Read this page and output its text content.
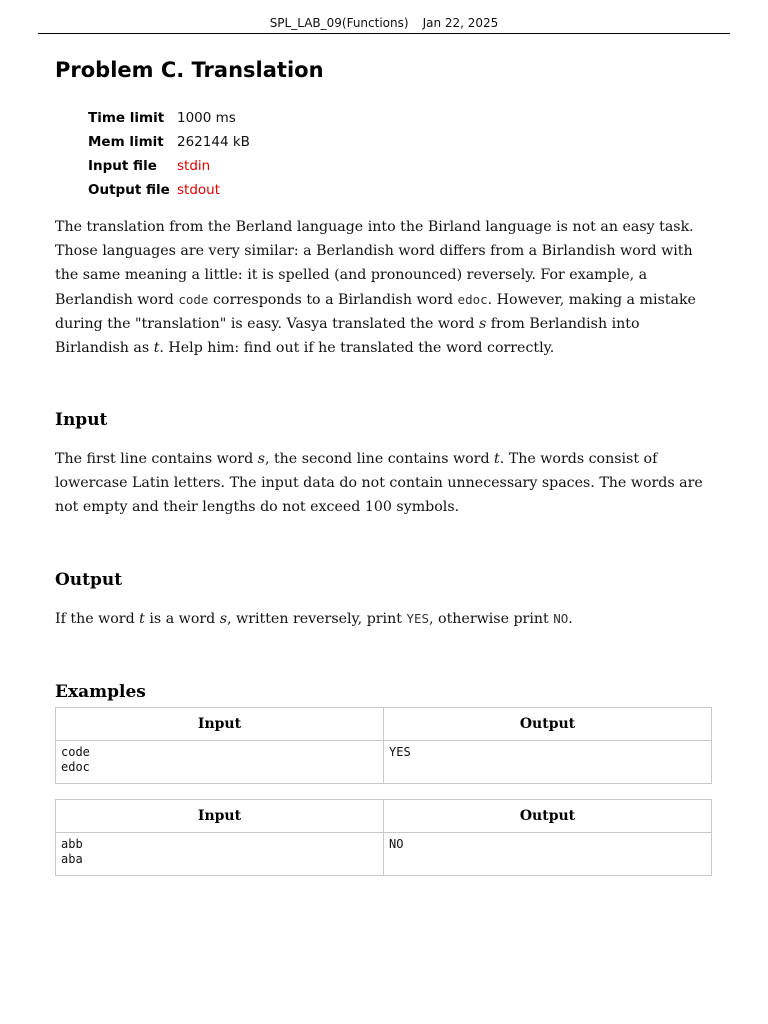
SPL_LAB_09(Functions) Jan 22, 2025
Problem C. Translation
Time limit	1000 ms
Mem limit	262144 kB
Input file	stdin
Output file	stdout

The translation from the Berland language into the Birland language is not an easy task. Those languages are very similar: a Berlandish word differs from a Birlandish word with the same meaning a little: it is spelled (and pronounced) reversely. For example, a Berlandish word code corresponds to a Birlandish word edoc. However, making a mistake during the "translation" is easy. Vasya translated the word s from Berlandish into Birlandish as t. Help him: find out if he translated the word correctly.

Input

The first line contains word s, the second line contains word t. The words consist of lowercase Latin letters. The input data do not contain unnecessary spaces. The words are not empty and their lengths do not exceed 100 symbols.

Output

If the word t is a word s, written reversely, print YES, otherwise print NO.

Examples
Input	Output
code
edoc	YES
Input	Output
abb
aba	NO
